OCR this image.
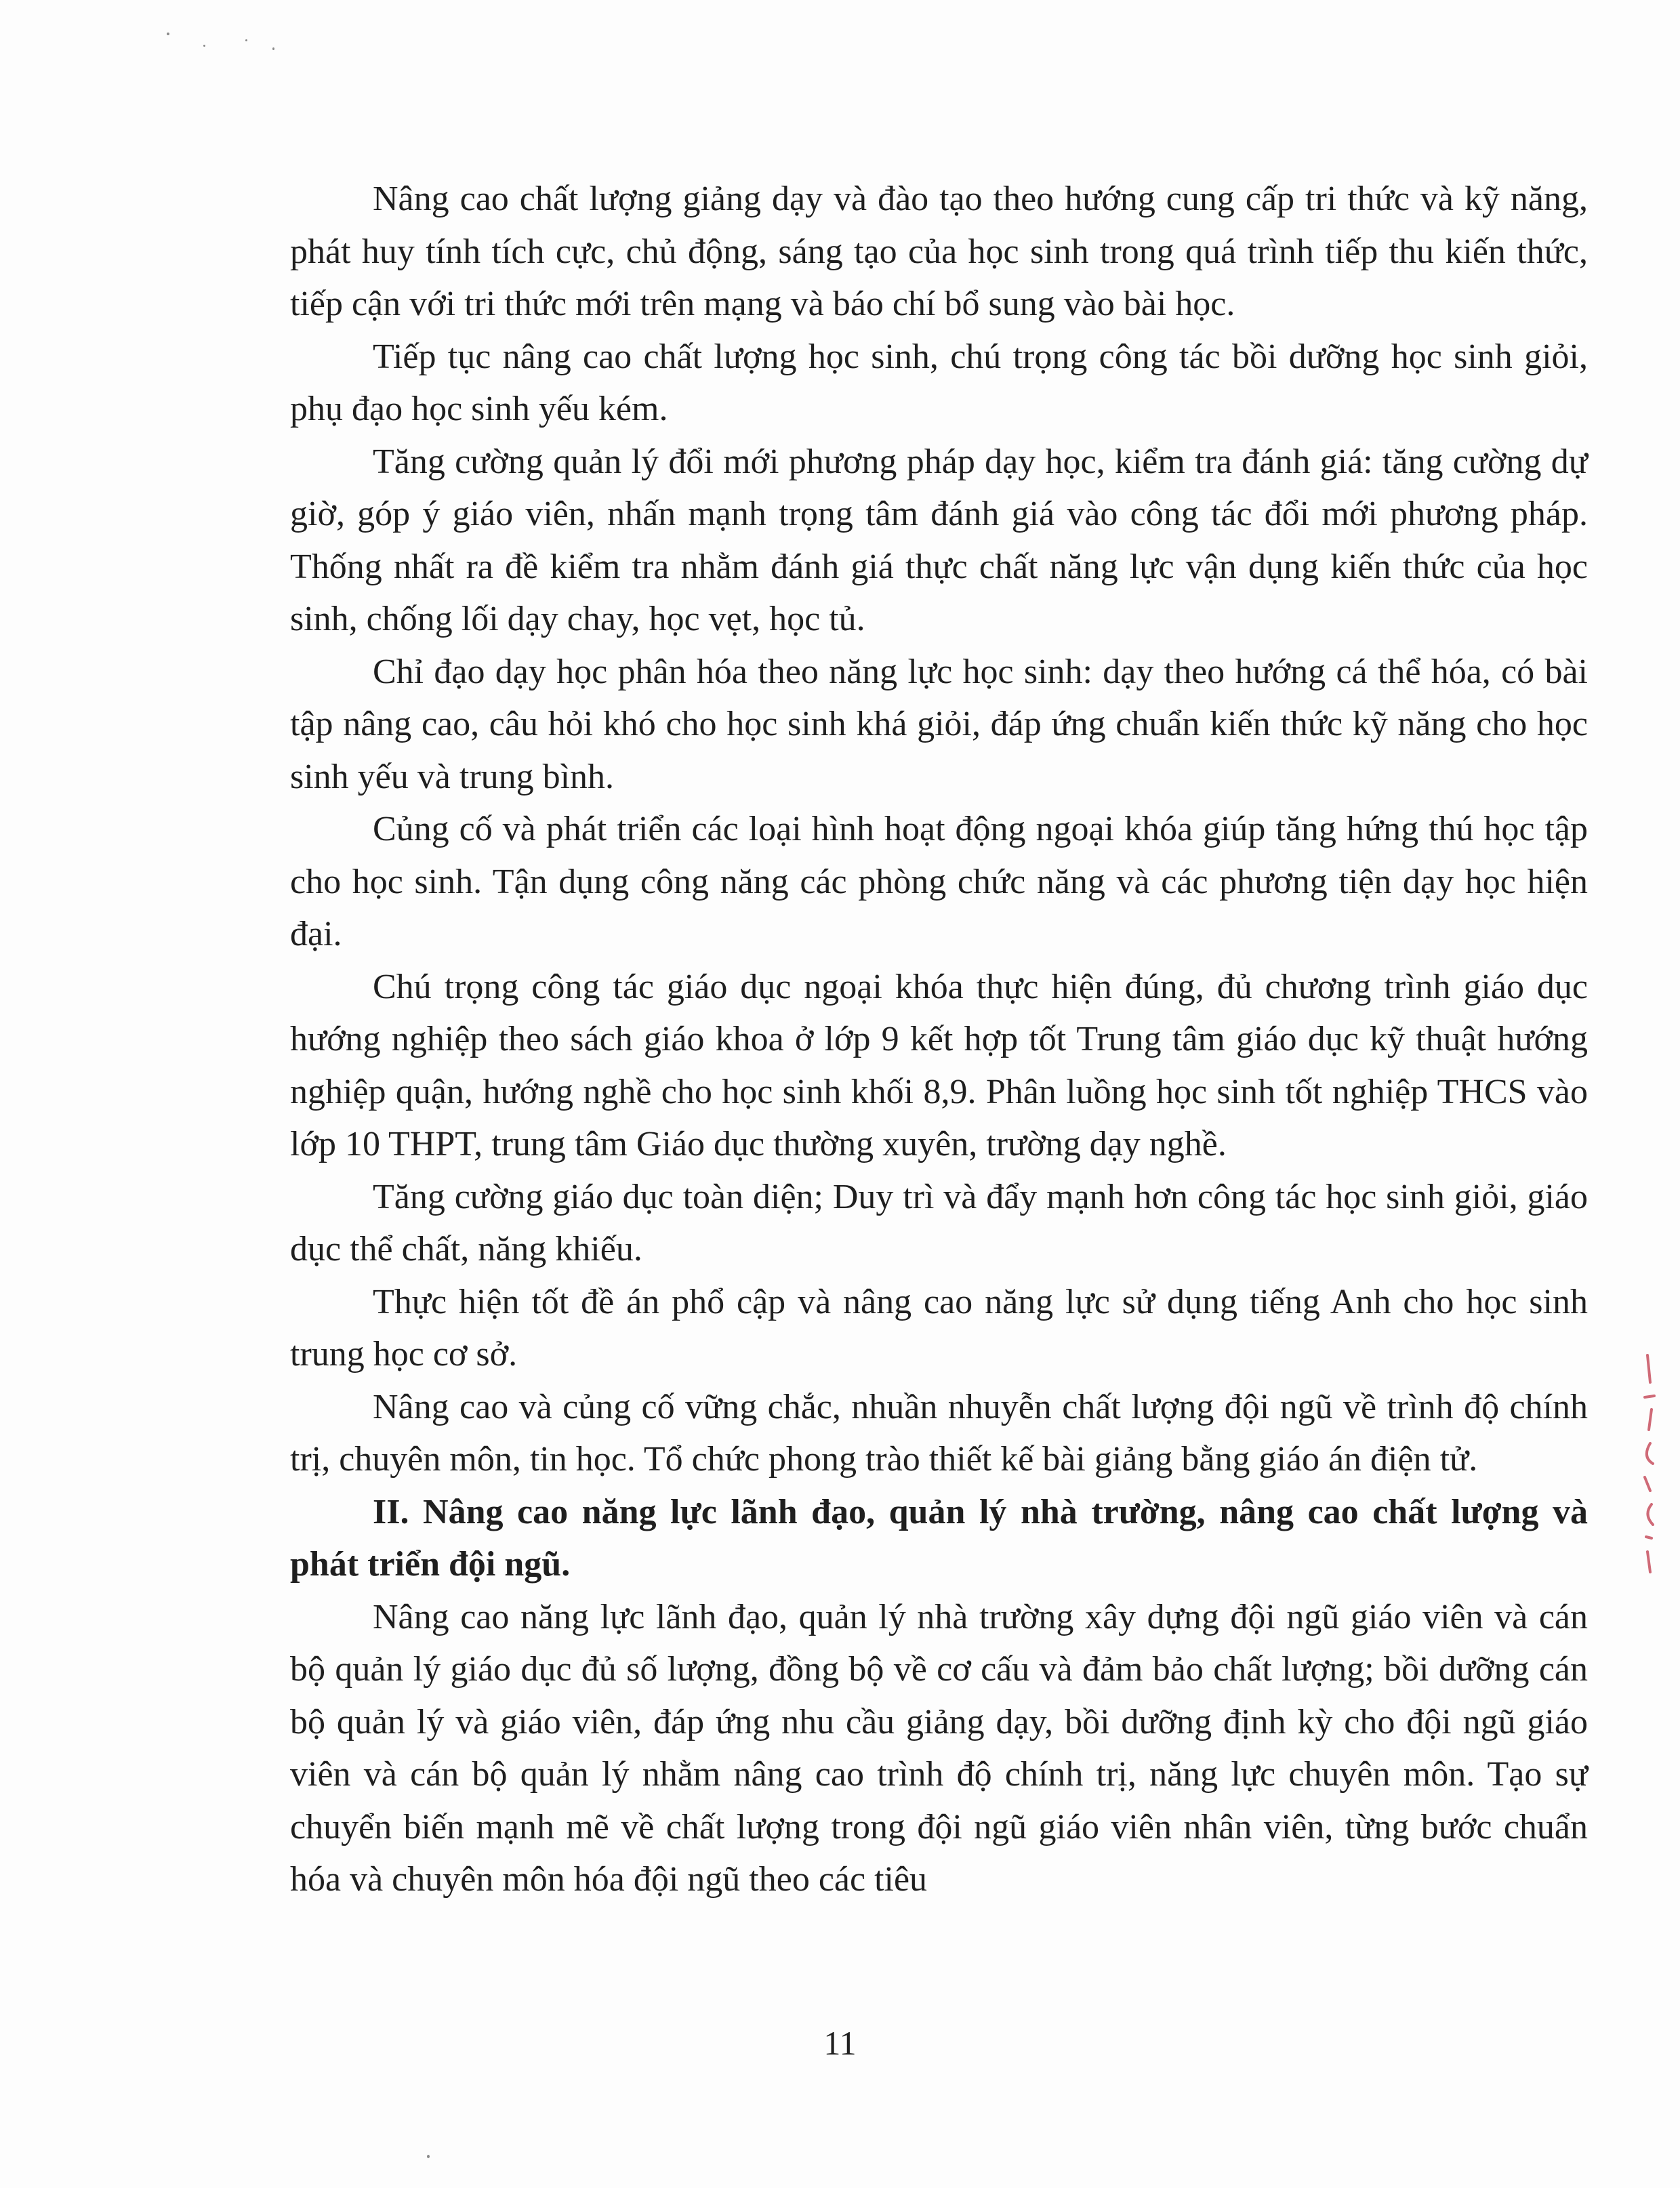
Nâng cao chất lượng giảng dạy và đào tạo theo hướng cung cấp tri thức và kỹ năng, phát huy tính tích cực, chủ động, sáng tạo của học sinh trong quá trình tiếp thu kiến thức, tiếp cận với tri thức mới trên mạng và báo chí bổ sung vào bài học.

Tiếp tục nâng cao chất lượng học sinh, chú trọng công tác bồi dưỡng học sinh giỏi, phụ đạo học sinh yếu kém.

Tăng cường quản lý đổi mới phương pháp dạy học, kiểm tra đánh giá: tăng cường dự giờ, góp ý giáo viên, nhấn mạnh trọng tâm đánh giá vào công tác đổi mới phương pháp. Thống nhất ra đề kiểm tra nhằm đánh giá thực chất năng lực vận dụng kiến thức của học sinh, chống lối dạy chay, học vẹt, học tủ.

Chỉ đạo dạy học phân hóa theo năng lực học sinh: dạy theo hướng cá thể hóa, có bài tập nâng cao, câu hỏi khó cho học sinh khá giỏi, đáp ứng chuẩn kiến thức kỹ năng cho học sinh yếu và trung bình.

Củng cố và phát triển các loại hình hoạt động ngoại khóa giúp tăng hứng thú học tập cho học sinh. Tận dụng công năng các phòng chức năng và các phương tiện dạy học hiện đại.

Chú trọng công tác giáo dục ngoại khóa thực hiện đúng, đủ chương trình giáo dục hướng nghiệp theo sách giáo khoa ở lớp 9 kết hợp tốt Trung tâm giáo dục kỹ thuật hướng nghiệp quận, hướng nghề cho học sinh khối 8,9. Phân luồng học sinh tốt nghiệp THCS vào lớp 10 THPT, trung tâm Giáo dục thường xuyên, trường dạy nghề.

Tăng cường giáo dục toàn diện; Duy trì và đẩy mạnh hơn công tác học sinh giỏi, giáo dục thể chất, năng khiếu.

Thực hiện tốt đề án phổ cập và nâng cao năng lực sử dụng tiếng Anh cho học sinh trung học cơ sở.

Nâng cao và củng cố vững chắc, nhuần nhuyễn chất lượng đội ngũ về trình độ chính trị, chuyên môn, tin học. Tổ chức phong trào thiết kế bài giảng bằng giáo án điện tử.

II. Nâng cao năng lực lãnh đạo, quản lý nhà trường, nâng cao chất lượng và phát triển đội ngũ.

Nâng cao năng lực lãnh đạo, quản lý nhà trường xây dựng đội ngũ giáo viên và cán bộ quản lý giáo dục đủ số lượng, đồng bộ về cơ cấu và đảm bảo chất lượng; bồi dưỡng cán bộ quản lý và giáo viên, đáp ứng nhu cầu giảng dạy, bồi dưỡng định kỳ cho đội ngũ giáo viên và cán bộ quản lý nhằm nâng cao trình độ chính trị, năng lực chuyên môn. Tạo sự chuyển biến mạnh mẽ về chất lượng trong đội ngũ giáo viên nhân viên, từng bước chuẩn hóa và chuyên môn hóa đội ngũ theo các tiêu

11
